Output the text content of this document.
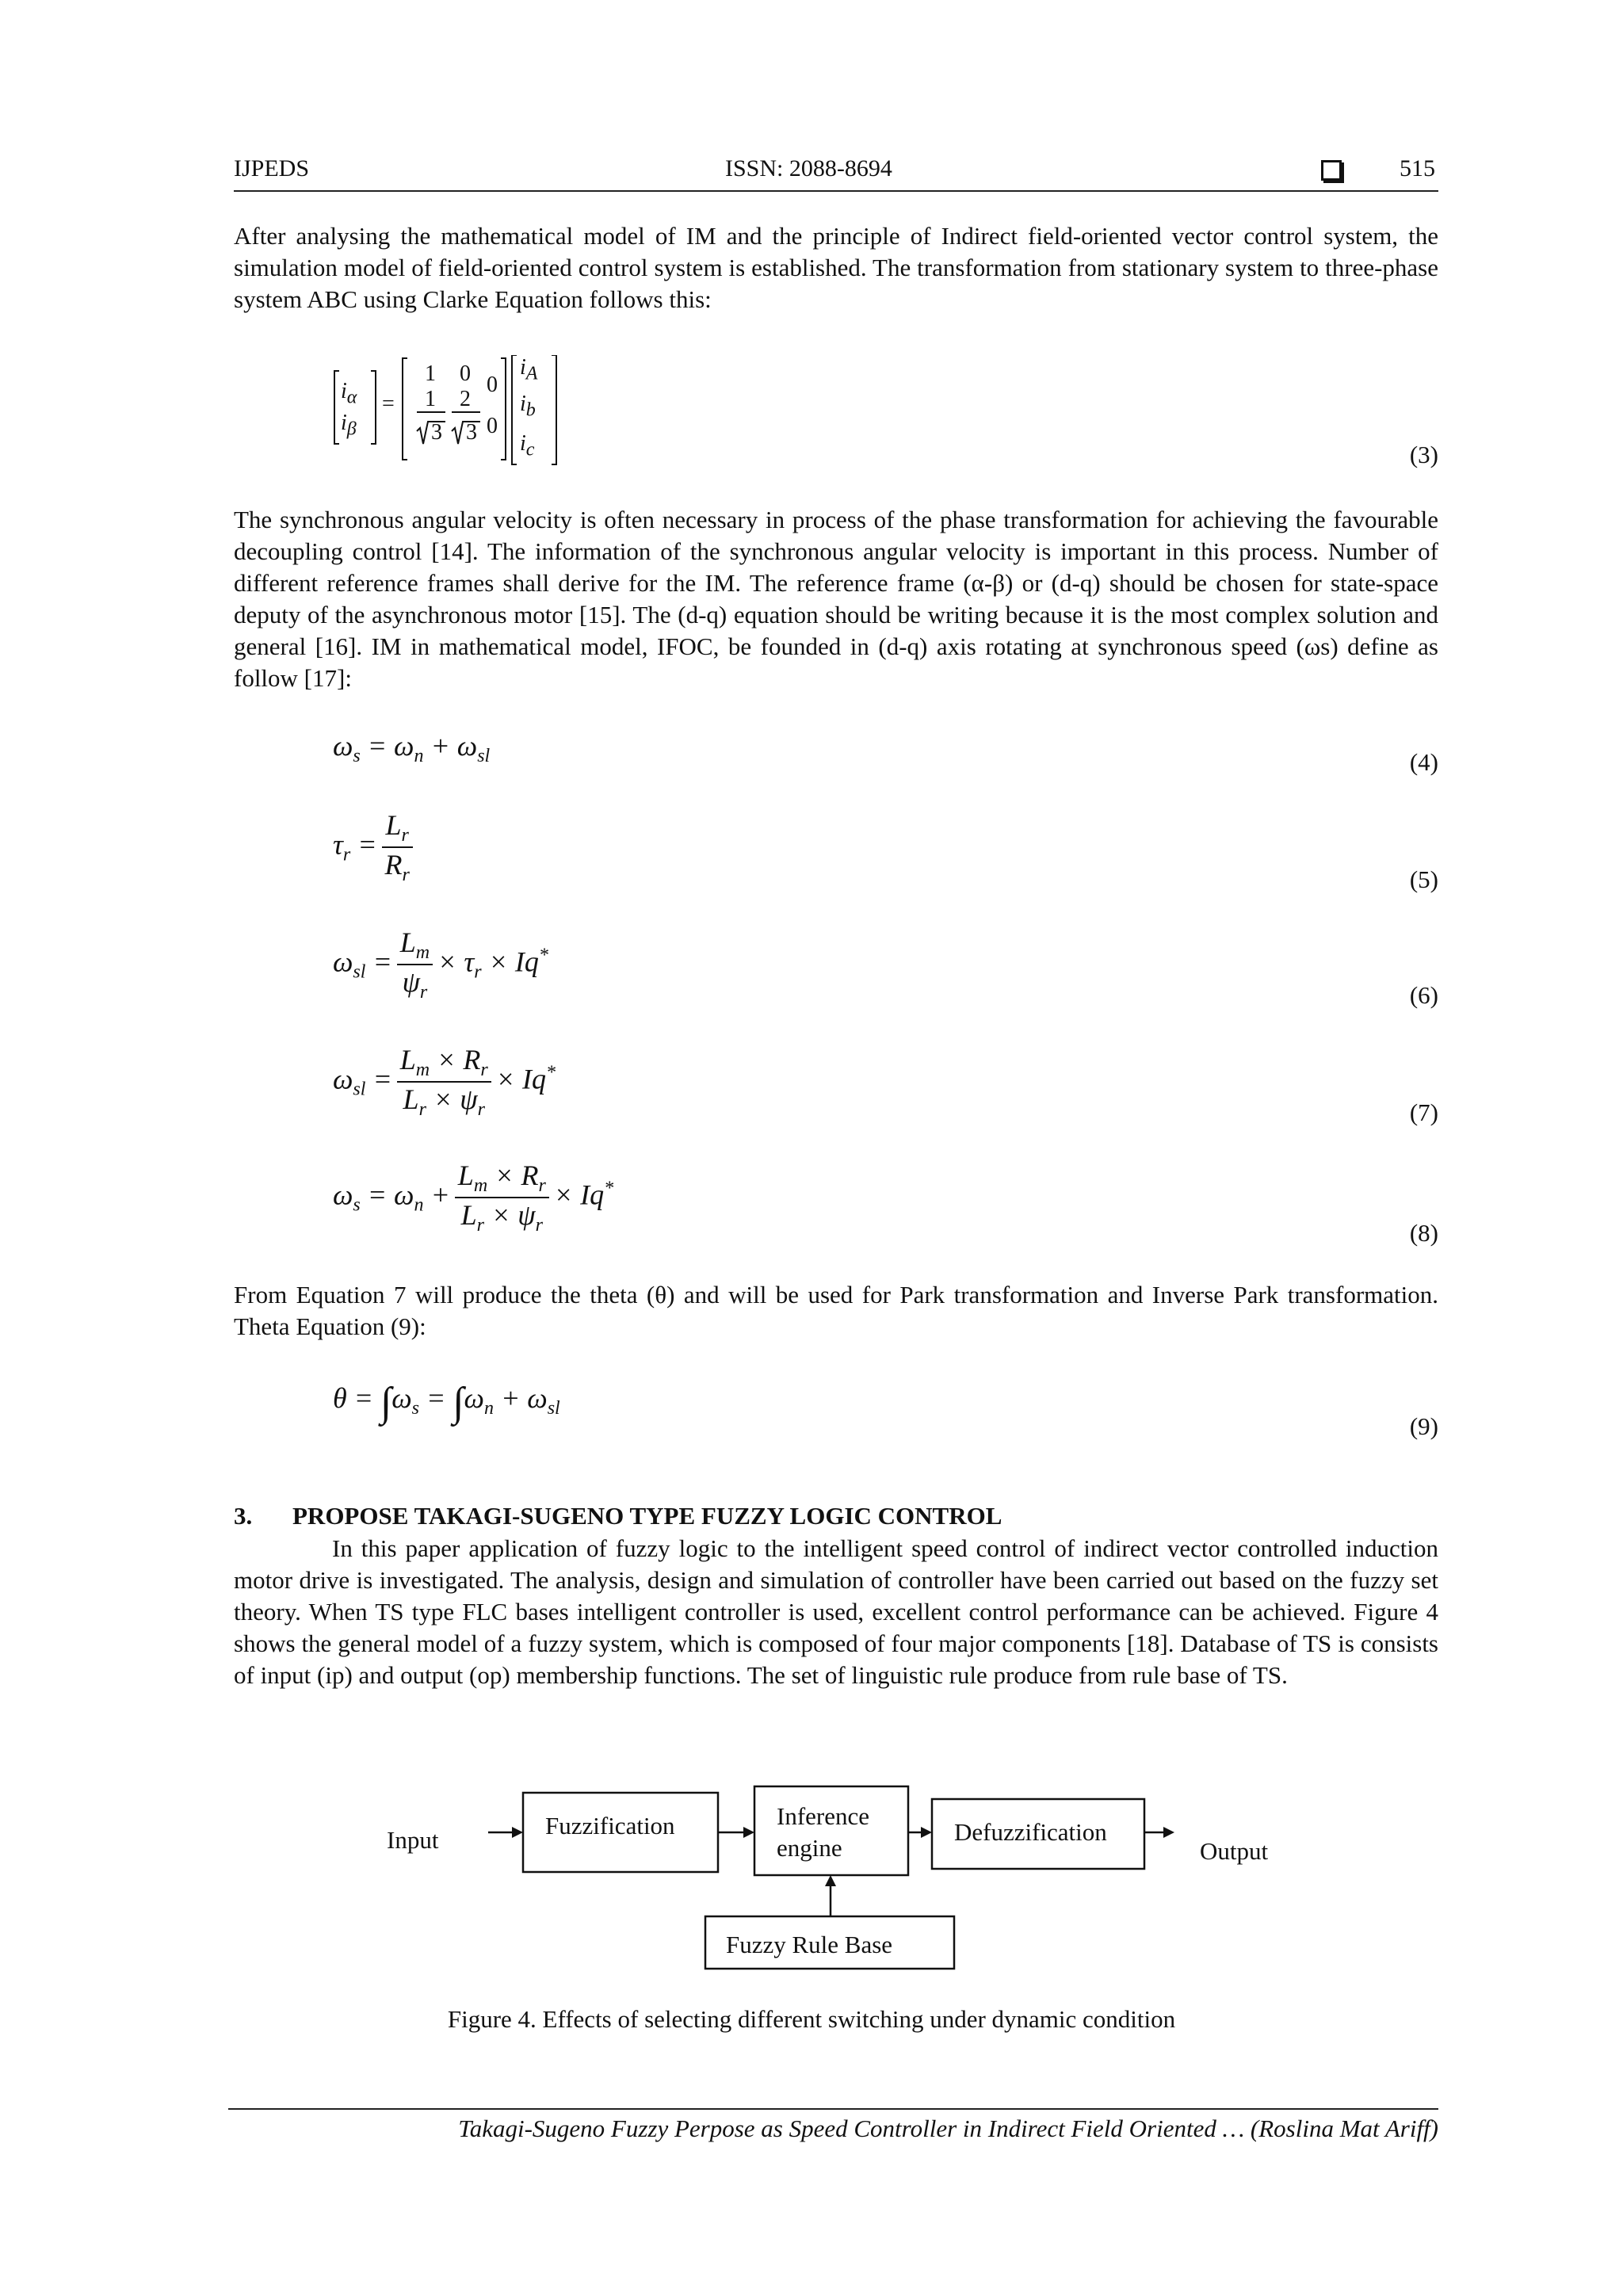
IJPEDS	ISSN: 2088-8694	515

After analysing the mathematical model of IM and the principle of Indirect field-oriented vector control system, the simulation model of field-oriented control system is established. The transformation from stationary system to three-phase system ABC using Clarke Equation follows this:

$i_\alpha$
$i_\beta$
=
1 0 0
1 2
3 3 0
$i_A$
$i_b$
$i_c$	(3)

The synchronous angular velocity is often necessary in process of the phase transformation for achieving the favourable decoupling control [14]. The information of the synchronous angular velocity is important in this process. Number of different reference frames shall derive for the IM. The reference frame (α-β) or (d-q) should be chosen for state-space deputy of the asynchronous motor [15]. The (d-q) equation should be writing because it is the most complex solution and general [16]. IM in mathematical model, IFOC, be founded in (d-q) axis rotating at synchronous speed (ωs) define as follow [17]:

$\omega_s = \omega_n + \omega_{sl}$	(4)
$\tau_r = \frac{L_r}{R_r}$	(5)
$\omega_{sl} = \frac{L_m}{\psi_r} \times \tau_r \times Iq^*$
(6)
$\omega_{sl} = \frac{L_m \times R_r}{L_r \times \psi_r} \times Iq^*$
(7)
$\omega_s = \omega_n + \frac{L_m \times R_r}{L_r \times \psi_r} \times Iq^*$
(8)

From Equation 7 will produce the theta (θ) and will be used for Park transformation and Inverse Park transformation. Theta Equation (9):

$\theta = \int\omega_s = \int\omega_n + \omega_{sl}$
(9)
3. PROPOSE TAKAGI-SUGENO TYPE FUZZY LOGIC CONTROL

In this paper application of fuzzy logic to the intelligent speed control of indirect vector controlled induction motor drive is investigated. The analysis, design and simulation of controller have been carried out based on the fuzzy set theory. When TS type FLC bases intelligent controller is used, excellent control performance can be achieved. Figure 4 shows the general model of a fuzzy system, which is composed of four major components [18]. Database of TS is consists of input (ip) and output (op) membership functions. The set of linguistic rule produce from rule base of TS.

Input
Fuzzification	Inference
engine
Defuzzification
Output
Fuzzy Rule Base
Figure 4. Effects of selecting different switching under dynamic condition
Takagi-Sugeno Fuzzy Perpose as Speed Controller in Indirect Field Oriented … (Roslina Mat Ariff)
